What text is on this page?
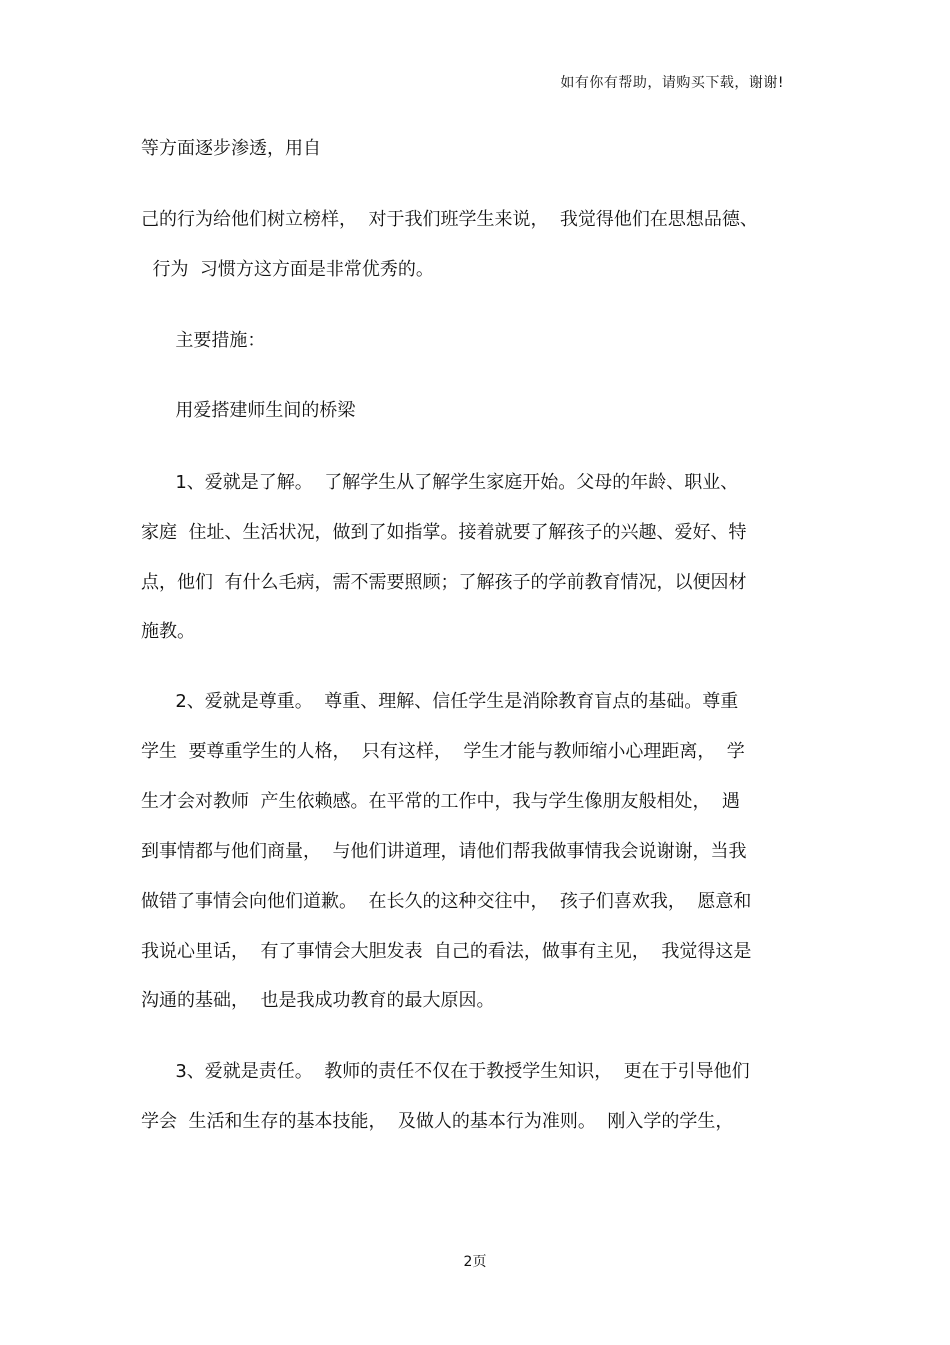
如有你有帮助，请购买下载，谢谢!
等方面逐步渗透，用自
己的行为给他们树立榜样，  对于我们班学生来说，  我觉得他们在思想品德、
行为  习惯方这方面是非常优秀的。
主要措施：
用爱搭建师生间的桥梁
1、爱就是了解。  了解学生从了解学生家庭开始。父母的年龄、职业、
家庭  住址、生活状况，做到了如指掌。接着就要了解孩子的兴趣、爱好、特
点，他们  有什么毛病，需不需要照顾；了解孩子的学前教育情况，以便因材
施教。
2、爱就是尊重。  尊重、理解、信任学生是消除教育盲点的基础。尊重
学生  要尊重学生的人格，  只有这样，  学生才能与教师缩小心理距离，  学
生才会对教师  产生依赖感。在平常的工作中，我与学生像朋友般相处，  遇
到事情都与他们商量，  与他们讲道理，请他们帮我做事情我会说谢谢，当我
做错了事情会向他们道歉。  在长久的这种交往中，  孩子们喜欢我，  愿意和
我说心里话，  有了事情会大胆发表  自己的看法，做事有主见，  我觉得这是
沟通的基础，  也是我成功教育的最大原因。
3、爱就是责任。  教师的责任不仅在于教授学生知识，  更在于引导他们
学会  生活和生存的基本技能，  及做人的基本行为准则。  刚入学的学生，
2页
